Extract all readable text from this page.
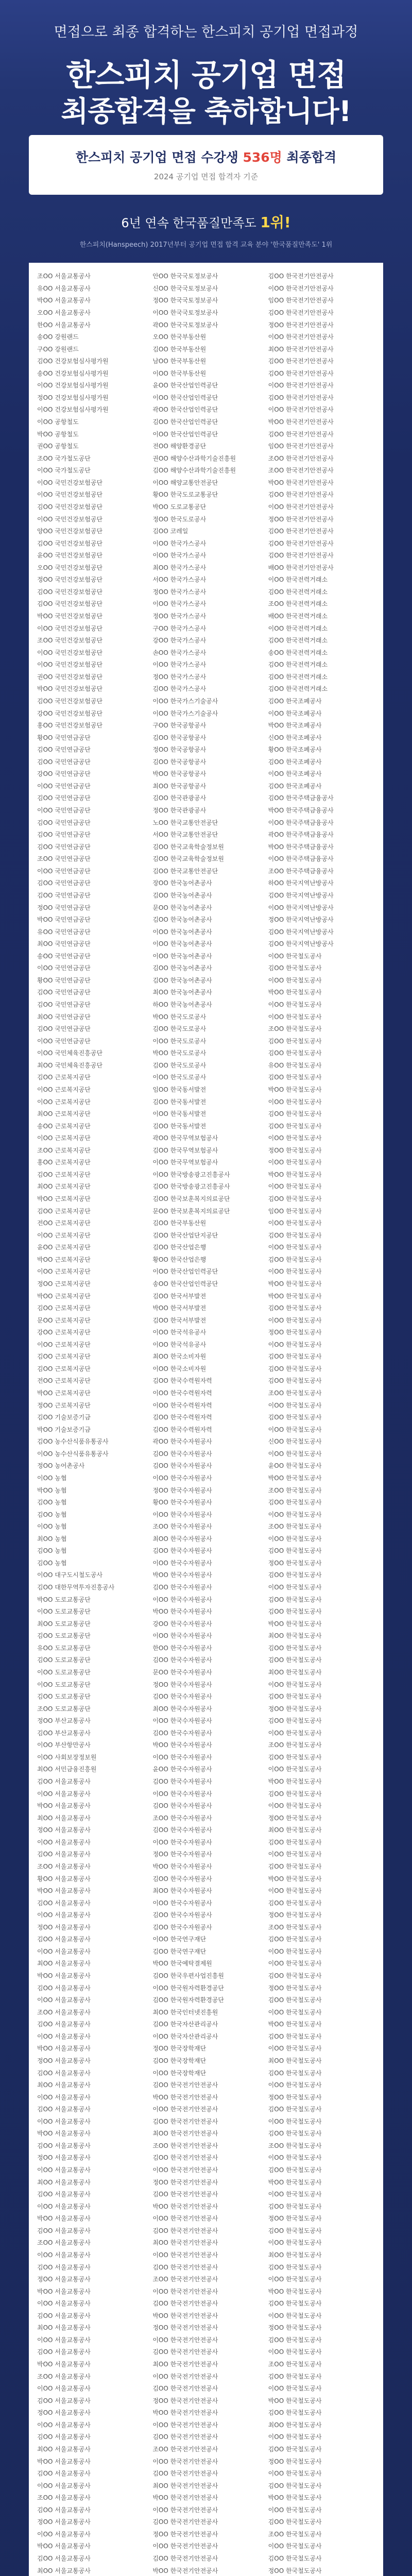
면접으로 최종 합격하는 한스피치 공기업 면접과정
한스피치 공기업 면접
최종합격을 축하합니다!
한스피치 공기업 면접 수강생 536명 최종합격
2024 공기업 면접 합격자 기준
6년 연속 한국품질만족도 1위!
한스피치(Hanspeech) 2017년부터 공기업 면접 합격 교육 분야 '한국품질만족도' 1위
조OO 서울교통공사	안OO 한국국토정보공사	김OO 한국전기안전공사
유OO 서울교통공사	신OO 한국국토정보공사	이OO 한국전기안전공사
박OO 서울교통공사	정OO 한국국토정보공사	임OO 한국전기안전공사
오OO 서울교통공사	이OO 한국국토정보공사	김OO 한국전기안전공사
한OO 서울교통공사	곽OO 한국국토정보공사	정OO 한국전기안전공사
송OO 강원랜드	오OO 한국부동산원	이OO 한국전기안전공사
구OO 강원랜드	김OO 한국부동산원	최OO 한국전기안전공사
김OO 건강보험심사평가원	남OO 한국부동산원	김OO 한국전기안전공사
송OO 건강보험심사평가원	이OO 한국부동산원	김OO 한국전기안전공사
이OO 건강보험심사평가원	윤OO 한국산업인력공단	이OO 한국전기안전공사
정OO 건강보험심사평가원	이OO 한국산업인력공단	김OO 한국전기안전공사
이OO 건강보험심사평가원	곽OO 한국산업인력공단	이OO 한국전기안전공사
이OO 공항철도	김OO 한국산업인력공단	박OO 한국전기안전공사
박OO 공항철도	이OO 한국산업인력공단	김OO 한국전기안전공사
권OO 공항철도	전OO 해양환경공단	임OO 한국전기안전공사
조OO 국가철도공단	권OO 해양수산과학기술진흥원	조OO 한국전기안전공사
이OO 국가철도공단	김OO 해양수산과학기술진흥원	조OO 한국전기안전공사
이OO 국민건강보험공단	이OO 해양교통안전공단	박OO 한국전기안전공사
이OO 국민건강보험공단	황OO 한국도로교통공단	김OO 한국전기안전공사
김OO 국민건강보험공단	박OO 도로교통공단	이OO 한국전기안전공사
이OO 국민건강보험공단	정OO 한국도로공사	정OO 한국전기안전공사
양OO 국민건강보험공단	김OO 코레일	김OO 한국전기안전공사
김OO 국민건강보험공단	이OO 한국가스공사	김OO 한국전기안전공사
윤OO 국민건강보험공단	이OO 한국가스공사	김OO 한국전기안전공사
오OO 국민건강보험공단	최OO 한국가스공사	배OO 한국전기안전공사
정OO 국민건강보험공단	서OO 한국가스공사	이OO 한국전력거래소
김OO 국민건강보험공단	정OO 한국가스공사	김OO 한국전력거래소
김OO 국민건강보험공단	이OO 한국가스공사	조OO 한국전력거래소
박OO 국민건강보험공단	정OO 한국가스공사	배OO 한국전력거래소
이OO 국민건강보험공단	구OO 한국가스공사	이OO 한국전력거래소
조OO 국민건강보험공단	강OO 한국가스공사	김OO 한국전력거래소
이OO 국민건강보험공단	손OO 한국가스공사	송OO 한국전력거래소
이OO 국민건강보험공단	이OO 한국가스공사	김OO 한국전력거래소
권OO 국민건강보험공단	정OO 한국가스공사	김OO 한국전력거래소
박OO 국민건강보험공단	김OO 한국가스공사	김OO 한국전력거래소
김OO 국민건강보험공단	이OO 한국가스기술공사	김OO 한국조폐공사
강OO 국민건강보험공단	이OO 한국가스기술공사	이OO 한국조폐공사
홍OO 국민건강보험공단	구OO 한국공항공사	박OO 한국조폐공사
황OO 국민연금공단	김OO 한국공항공사	신OO 한국조폐공사
김OO 국민연금공단	정OO 한국공항공사	황OO 한국조폐공사
김OO 국민연금공단	김OO 한국공항공사	김OO 한국조폐공사
강OO 국민연금공단	박OO 한국공항공사	이OO 한국조폐공사
이OO 국민연금공단	최OO 한국공항공사	김OO 한국조폐공사
김OO 국민연금공단	김OO 한국관광공사	김OO 한국주택금융공사
이OO 국민연금공단	정OO 한국관광공사	박OO 한국주택금융공사
김OO 국민연금공단	노OO 한국교통안전공단	이OO 한국주택금융공사
김OO 국민연금공단	서OO 한국교통안전공단	곽OO 한국주택금융공사
김OO 국민연금공단	김OO 한국교육학술정보원	박OO 한국주택금융공사
조OO 국민연금공단	김OO 한국교육학술정보원	이OO 한국주택금융공사
이OO 국민연금공단	김OO 한국교통안전공단	조OO 한국주택금융공사
김OO 국민연금공단	장OO 한국농어촌공사	하OO 한국지역난방공사
김OO 국민연금공단	김OO 한국농어촌공사	김OO 한국지역난방공사
정OO 국민연금공단	문OO 한국농어촌공사	이OO 한국지역난방공사
박OO 국민연금공단	김OO 한국농어촌공사	정OO 한국지역난방공사
유OO 국민연금공단	이OO 한국농어촌공사	김OO 한국지역난방공사
최OO 국민연금공단	이OO 한국농어촌공사	김OO 한국지역난방공사
송OO 국민연금공단	이OO 한국농어촌공사	이OO 한국철도공사
이OO 국민연금공단	김OO 한국농어촌공사	김OO 한국철도공사
황OO 국민연금공단	김OO 한국농어촌공사	이OO 한국철도공사
김OO 국민연금공단	최OO 한국농어촌공사	박OO 한국철도공사
김OO 국민연금공단	하OO 한국농어촌공사	이OO 한국철도공사
최OO 국민연금공단	박OO 한국도로공사	이OO 한국철도공사
김OO 국민연금공단	김OO 한국도로공사	조OO 한국철도공사
이OO 국민연금공단	이OO 한국도로공사	김OO 한국철도공사
이OO 국민체육진흥공단	박OO 한국도로공사	김OO 한국철도공사
최OO 국민체육진흥공단	김OO 한국도로공사	유OO 한국철도공사
김OO 근로복지공단	이OO 한국도로공사	김OO 한국철도공사
이OO 근로복지공단	임OO 한국동서발전	박OO 한국철도공사
이OO 근로복지공단	김OO 한국동서발전	이OO 한국철도공사
최OO 근로복지공단	이OO 한국동서발전	김OO 한국철도공사
송OO 근로복지공단	김OO 한국동서발전	김OO 한국철도공사
이OO 근로복지공단	곽OO 한국무역보험공사	이OO 한국철도공사
조OO 근로복지공단	김OO 한국무역보험공사	정OO 한국철도공사
홍OO 근로복지공단	이OO 한국무역보험공사	이OO 한국철도공사
김OO 근로복지공단	이OO 한국방송광고진흥공사	박OO 한국철도공사
최OO 근로복지공단	김OO 한국방송광고진흥공사	이OO 한국철도공사
박OO 근로복지공단	김OO 한국보훈복지의료공단	김OO 한국철도공사
김OO 근로복지공단	문OO 한국보훈복지의료공단	임OO 한국철도공사
전OO 근로복지공단	김OO 한국부동산원	이OO 한국철도공사
이OO 근로복지공단	김OO 한국산업단지공단	김OO 한국철도공사
윤OO 근로복지공단	김OO 한국산업은행	이OO 한국철도공사
박OO 근로복지공단	황OO 한국산업은행	김OO 한국철도공사
이OO 근로복지공단	이OO 한국산업인력공단	이OO 한국철도공사
정OO 근로복지공단	송OO 한국산업인력공단	박OO 한국철도공사
박OO 근로복지공단	김OO 한국서부발전	박OO 한국철도공사
김OO 근로복지공단	박OO 한국서부발전	김OO 한국철도공사
문OO 근로복지공단	김OO 한국서부발전	이OO 한국철도공사
강OO 근로복지공단	이OO 한국석유공사	정OO 한국철도공사
이OO 근로복지공단	이OO 한국석유공사	이OO 한국철도공사
김OO 근로복지공단	최OO 한국소비자원	김OO 한국철도공사
김OO 근로복지공단	이OO 한국소비자원	김OO 한국철도공사
전OO 근로복지공단	김OO 한국수력원자력	김OO 한국철도공사
박OO 근로복지공단	이OO 한국수력원자력	조OO 한국철도공사
정OO 근로복지공단	이OO 한국수력원자력	이OO 한국철도공사
김OO 기술보증기금	김OO 한국수력원자력	김OO 한국철도공사
박OO 기술보증기금	김OO 한국수력원자력	이OO 한국철도공사
김OO 농수산식품유통공사	곽OO 한국수자원공사	신OO 한국철도공사
이OO 농수산식품유통공사	김OO 한국수자원공사	이OO 한국철도공사
정OO 농어촌공사	김OO 한국수자원공사	윤OO 한국철도공사
이OO 농협	이OO 한국수자원공사	박OO 한국철도공사
박OO 농협	정OO 한국수자원공사	조OO 한국철도공사
김OO 농협	황OO 한국수자원공사	김OO 한국철도공사
김OO 농협	이OO 한국수자원공사	이OO 한국철도공사
이OO 농협	조OO 한국수자원공사	조OO 한국철도공사
최OO 농협	최OO 한국수자원공사	이OO 한국철도공사
김OO 농협	김OO 한국수자원공사	김OO 한국철도공사
김OO 농협	이OO 한국수자원공사	정OO 한국철도공사
이OO 대구도시철도공사	박OO 한국수자원공사	김OO 한국철도공사
김OO 대한무역투자진흥공사	김OO 한국수자원공사	이OO 한국철도공사
박OO 도로교통공단	이OO 한국수자원공사	김OO 한국철도공사
이OO 도로교통공단	박OO 한국수자원공사	김OO 한국철도공사
최OO 도로교통공단	강OO 한국수자원공사	박OO 한국철도공사
김OO 도로교통공단	이OO 한국수자원공사	최OO 한국철도공사
유OO 도로교통공단	한OO 한국수자원공사	김OO 한국철도공사
김OO 도로교통공단	김OO 한국수자원공사	김OO 한국철도공사
이OO 도로교통공단	문OO 한국수자원공사	최OO 한국철도공사
이OO 도로교통공단	정OO 한국수자원공사	이OO 한국철도공사
김OO 도로교통공단	김OO 한국수자원공사	김OO 한국철도공사
조OO 도로교통공단	최OO 한국수자원공사	정OO 한국철도공사
정OO 부산교통공사	이OO 한국수자원공사	김OO 한국철도공사
김OO 부산교통공사	김OO 한국수자원공사	이OO 한국철도공사
이OO 부산항만공사	박OO 한국수자원공사	조OO 한국철도공사
이OO 사회보장정보원	이OO 한국수자원공사	김OO 한국철도공사
최OO 서민금융진흥원	윤OO 한국수자원공사	이OO 한국철도공사
김OO 서울교통공사	김OO 한국수자원공사	박OO 한국철도공사
이OO 서울교통공사	이OO 한국수자원공사	김OO 한국철도공사
박OO 서울교통공사	김OO 한국수자원공사	이OO 한국철도공사
최OO 서울교통공사	조OO 한국수자원공사	정OO 한국철도공사
정OO 서울교통공사	김OO 한국수자원공사	최OO 한국철도공사
이OO 서울교통공사	이OO 한국수자원공사	김OO 한국철도공사
김OO 서울교통공사	정OO 한국수자원공사	이OO 한국철도공사
조OO 서울교통공사	박OO 한국수자원공사	김OO 한국철도공사
황OO 서울교통공사	김OO 한국수자원공사	박OO 한국철도공사
박OO 서울교통공사	최OO 한국수자원공사	이OO 한국철도공사
김OO 서울교통공사	이OO 한국수자원공사	김OO 한국철도공사
이OO 서울교통공사	김OO 한국수자원공사	정OO 한국철도공사
정OO 서울교통공사	김OO 한국수자원공사	조OO 한국철도공사
김OO 서울교통공사	이OO 한국연구재단	김OO 한국철도공사
이OO 서울교통공사	김OO 한국연구재단	이OO 한국철도공사
최OO 서울교통공사	박OO 한국예탁결제원	이OO 한국철도공사
박OO 서울교통공사	김OO 한국우편사업진흥원	김OO 한국철도공사
김OO 서울교통공사	이OO 한국원자력환경공단	정OO 한국철도공사
이OO 서울교통공사	김OO 한국원자력환경공단	김OO 한국철도공사
조OO 서울교통공사	최OO 한국인터넷진흥원	이OO 한국철도공사
김OO 서울교통공사	김OO 한국자산관리공사	박OO 한국철도공사
이OO 서울교통공사	이OO 한국자산관리공사	김OO 한국철도공사
박OO 서울교통공사	정OO 한국장학재단	이OO 한국철도공사
정OO 서울교통공사	김OO 한국장학재단	최OO 한국철도공사
김OO 서울교통공사	이OO 한국장학재단	김OO 한국철도공사
최OO 서울교통공사	김OO 한국전기안전공사	이OO 한국철도공사
이OO 서울교통공사	박OO 한국전기안전공사	정OO 한국철도공사
김OO 서울교통공사	이OO 한국전기안전공사	김OO 한국철도공사
이OO 서울교통공사	김OO 한국전기안전공사	이OO 한국철도공사
박OO 서울교통공사	최OO 한국전기안전공사	김OO 한국철도공사
김OO 서울교통공사	조OO 한국전기안전공사	조OO 한국철도공사
정OO 서울교통공사	김OO 한국전기안전공사	이OO 한국철도공사
이OO 서울교통공사	이OO 한국전기안전공사	김OO 한국철도공사
최OO 서울교통공사	정OO 한국전기안전공사	박OO 한국철도공사
김OO 서울교통공사	김OO 한국전기안전공사	이OO 한국철도공사
이OO 서울교통공사	박OO 한국전기안전공사	김OO 한국철도공사
박OO 서울교통공사	이OO 한국전기안전공사	정OO 한국철도공사
김OO 서울교통공사	김OO 한국전기안전공사	김OO 한국철도공사
조OO 서울교통공사	최OO 한국전기안전공사	이OO 한국철도공사
이OO 서울교통공사	이OO 한국전기안전공사	최OO 한국철도공사
김OO 서울교통공사	김OO 한국전기안전공사	김OO 한국철도공사
정OO 서울교통공사	조OO 한국전기안전공사	이OO 한국철도공사
박OO 서울교통공사	이OO 한국전기안전공사	박OO 한국철도공사
이OO 서울교통공사	김OO 한국전기안전공사	김OO 한국철도공사
김OO 서울교통공사	박OO 한국전기안전공사	이OO 한국철도공사
최OO 서울교통공사	정OO 한국전기안전공사	정OO 한국철도공사
이OO 서울교통공사	이OO 한국전기안전공사	김OO 한국철도공사
김OO 서울교통공사	김OO 한국전기안전공사	이OO 한국철도공사
박OO 서울교통공사	최OO 한국전기안전공사	조OO 한국철도공사
조OO 서울교통공사	이OO 한국전기안전공사	김OO 한국철도공사
이OO 서울교통공사	김OO 한국전기안전공사	이OO 한국철도공사
김OO 서울교통공사	정OO 한국전기안전공사	박OO 한국철도공사
정OO 서울교통공사	박OO 한국전기안전공사	김OO 한국철도공사
이OO 서울교통공사	이OO 한국전기안전공사	최OO 한국철도공사
김OO 서울교통공사	김OO 한국전기안전공사	이OO 한국철도공사
최OO 서울교통공사	조OO 한국전기안전공사	김OO 한국철도공사
박OO 서울교통공사	이OO 한국전기안전공사	정OO 한국철도공사
김OO 서울교통공사	김OO 한국전기안전공사	이OO 한국철도공사
이OO 서울교통공사	최OO 한국전기안전공사	김OO 한국철도공사
조OO 서울교통공사	박OO 한국전기안전공사	박OO 한국철도공사
김OO 서울교통공사	이OO 한국전기안전공사	이OO 한국철도공사
정OO 서울교통공사	김OO 한국전기안전공사	김OO 한국철도공사
이OO 서울교통공사	정OO 한국전기안전공사	조OO 한국철도공사
박OO 서울교통공사	이OO 한국전기안전공사	이OO 한국철도공사
김OO 서울교통공사	김OO 한국전기안전공사	김OO 한국철도공사
최OO 서울교통공사	박OO 한국전기안전공사	정OO 한국철도공사
